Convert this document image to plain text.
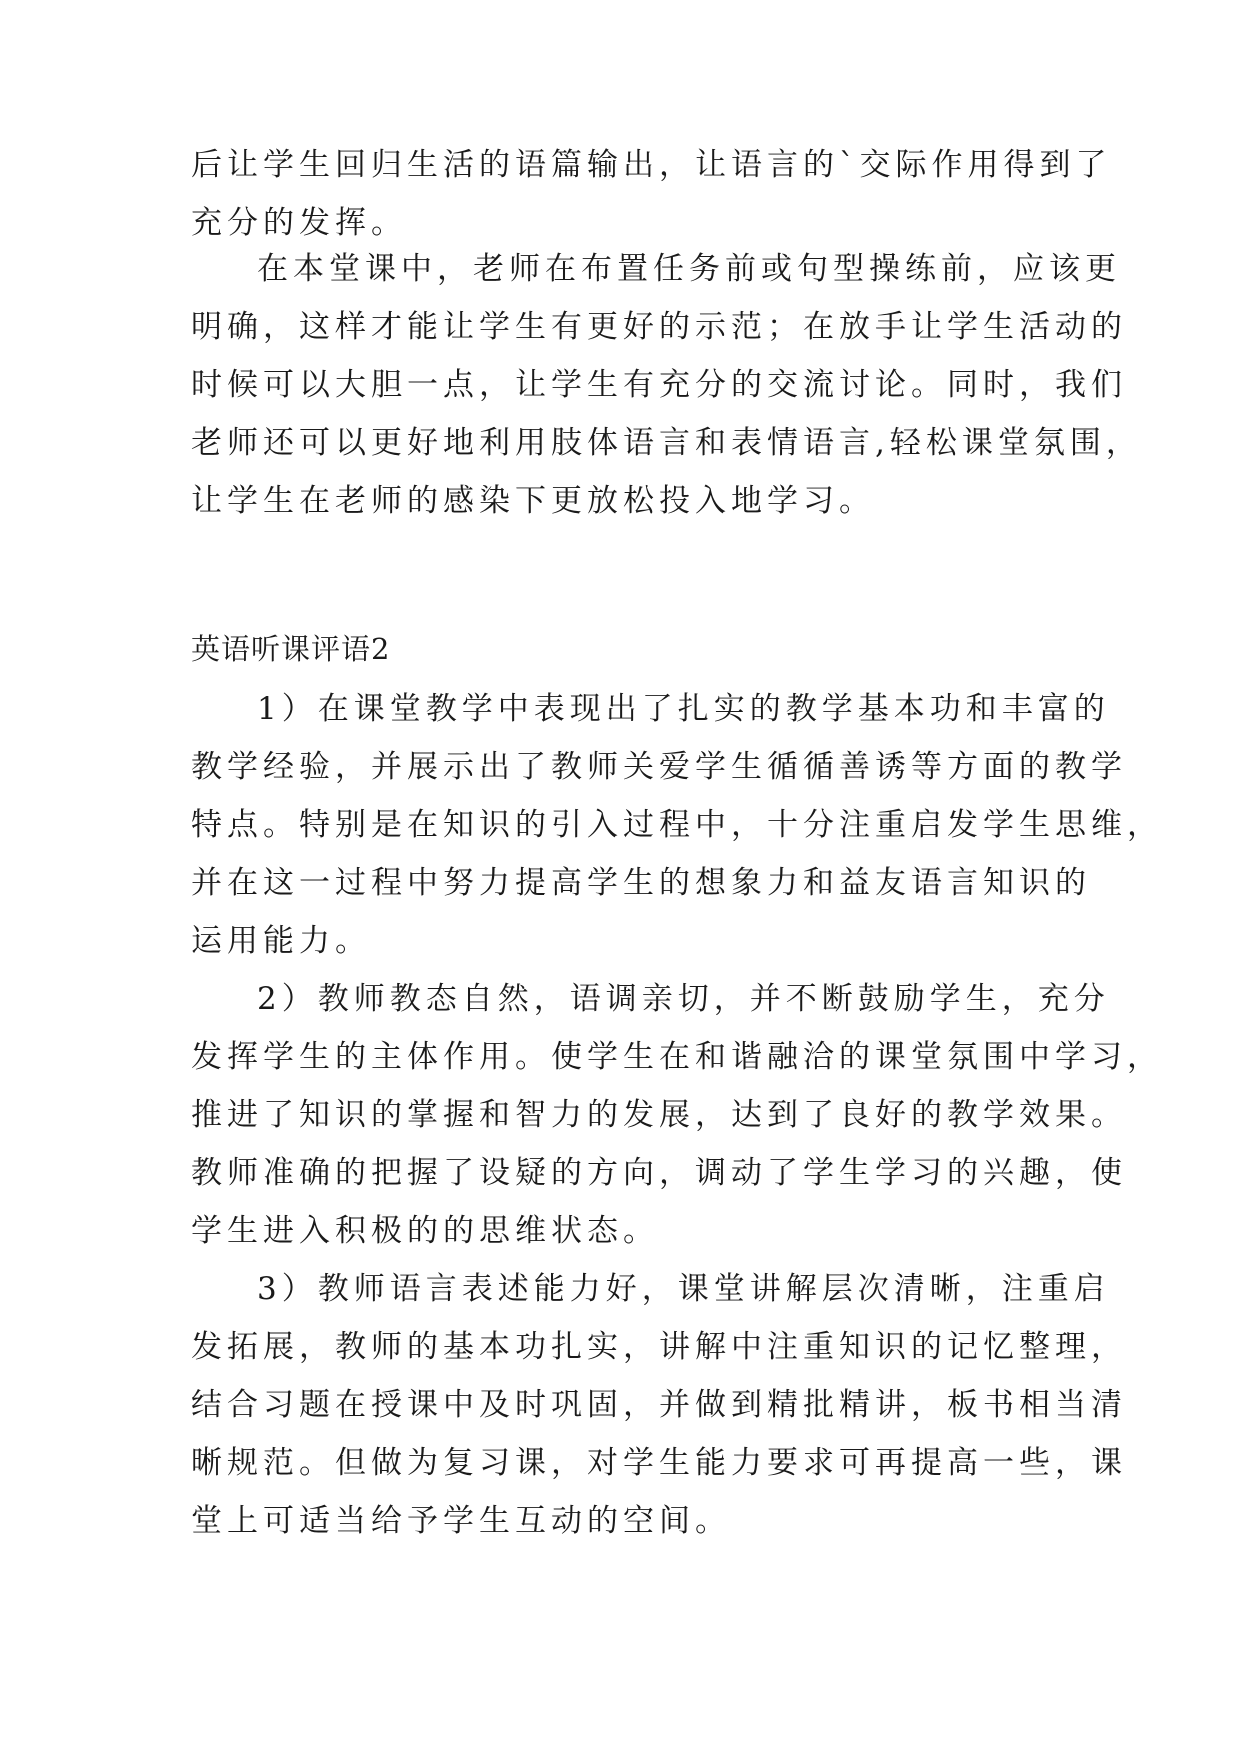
后让学生回归生活的语篇输出，让语言的`交际作用得到了
充分的发挥。
在本堂课中，老师在布置任务前或句型操练前，应该更
明确，这样才能让学生有更好的示范；在放手让学生活动的
时候可以大胆一点，让学生有充分的交流讨论。同时，我们
老师还可以更好地利用肢体语言和表情语言,轻松课堂氛围，
让学生在老师的感染下更放松投入地学习。
英语听课评语2
1）在课堂教学中表现出了扎实的教学基本功和丰富的
教学经验，并展示出了教师关爱学生循循善诱等方面的教学
特点。特别是在知识的引入过程中，十分注重启发学生思维，
并在这一过程中努力提高学生的想象力和益友语言知识的
运用能力。
2）教师教态自然，语调亲切，并不断鼓励学生，充分
发挥学生的主体作用。使学生在和谐融洽的课堂氛围中学习，
推进了知识的掌握和智力的发展，达到了良好的教学效果。
教师准确的把握了设疑的方向，调动了学生学习的兴趣，使
学生进入积极的的思维状态。
3）教师语言表述能力好，课堂讲解层次清晰，注重启
发拓展，教师的基本功扎实，讲解中注重知识的记忆整理，
结合习题在授课中及时巩固，并做到精批精讲，板书相当清
晰规范。但做为复习课，对学生能力要求可再提高一些，课
堂上可适当给予学生互动的空间。
